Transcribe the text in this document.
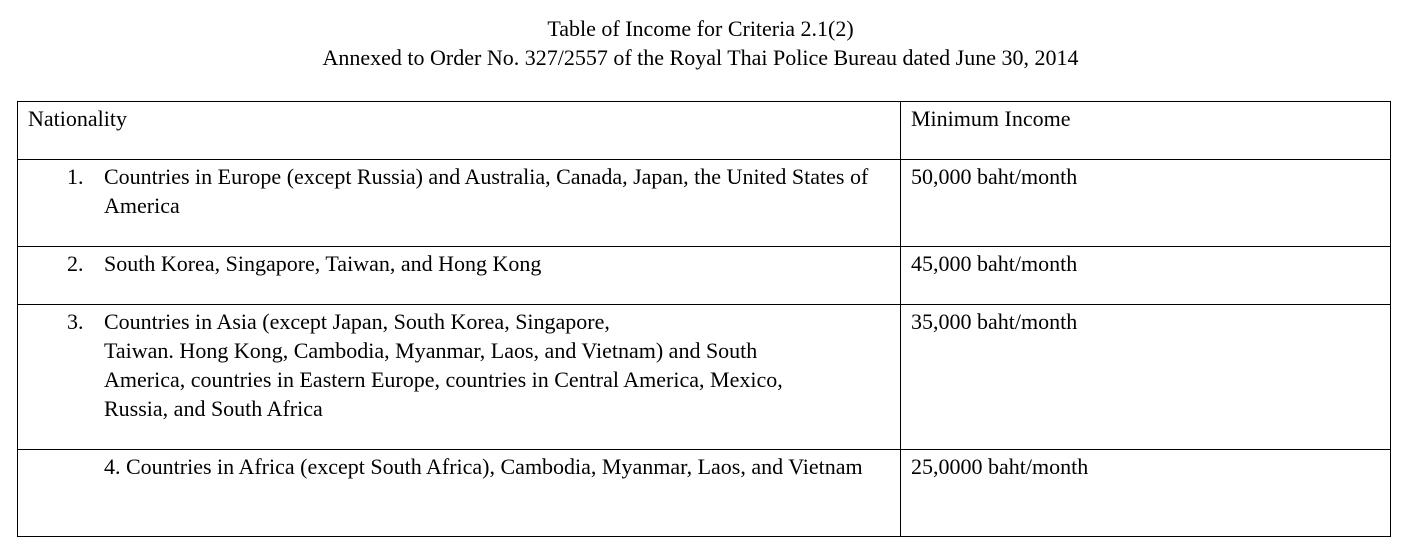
Table of Income for Criteria 2.1(2)
Annexed to Order No. 327/2557 of the Royal Thai Police Bureau dated June 30, 2014
Nationality	Minimum Income

1. Countries in Europe (except Russia) and Australia, Canada, Japan, the United States of America	50,000 baht/month

2. South Korea, Singapore, Taiwan, and Hong Kong	45,000 baht/month

3. Countries in Asia (except Japan, South Korea, Singapore,
Taiwan. Hong Kong, Cambodia, Myanmar, Laos, and Vietnam) and South
America, countries in Eastern Europe, countries in Central America, Mexico,
Russia, and South Africa	35,000 baht/month

4. Countries in Africa (except South Africa), Cambodia, Myanmar, Laos, and Vietnam	25,0000 baht/month
